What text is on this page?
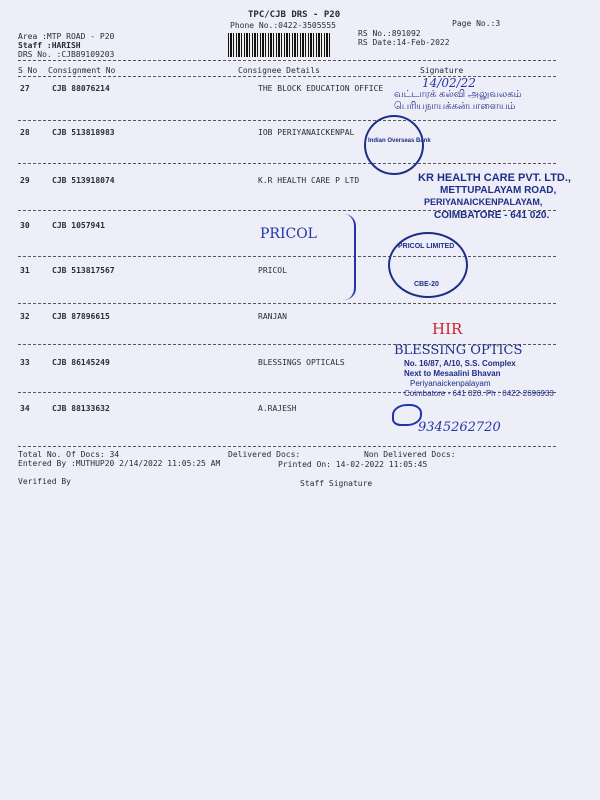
TPC/CJB DRS - P20
Phone No.:0422-3505555	Page No.:3
Area :MTP ROAD - P20
Staff :HARISH
DRS No. :CJB89109203
RS No.:891092
RS Date:14-Feb-2022
S No Consignment No	Consignee Details	Signature
27	CJB 88076214	THE BLOCK EDUCATION OFFICE
28	CJB 513818983	IOB PERIYANAICKENPAL
29	CJB 513918074	K.R HEALTH CARE P LTD
30	CJB 1057941
31	CJB 513817567	PRICOL
32	CJB 87896615	RANJAN
33	CJB 86145249	BLESSINGS OPTICALS
34	CJB 88133632	A.RAJESH
Total No. Of Docs: 34	Delivered Docs:	Non Delivered Docs:
Entered By :MUTHUP20 2/14/2022 11:05:25 AM	Printed On: 14-02-2022 11:05:45
Verified By	Staff Signature
14/02/22
வட்டாரக் கல்வி அலுவலகம்
பெரியநாயக்கன்பாளையம்
Indian Overseas Bank
KR HEALTH CARE PVT. LTD.,
METTUPALAYAM ROAD,
PERIYANAICKENPALAYAM,
COIMBATORE - 641 020.
PRICOL
PRICOL LIMITED
CBE-20
HIR
BLESSING OPTICS
No. 16/87, A/10, S.S. Complex
Next to Mesaalini Bhavan
Periyanaickenpalayam
Coimbatore - 641 020. Ph : 0422-2696933
9345262720
